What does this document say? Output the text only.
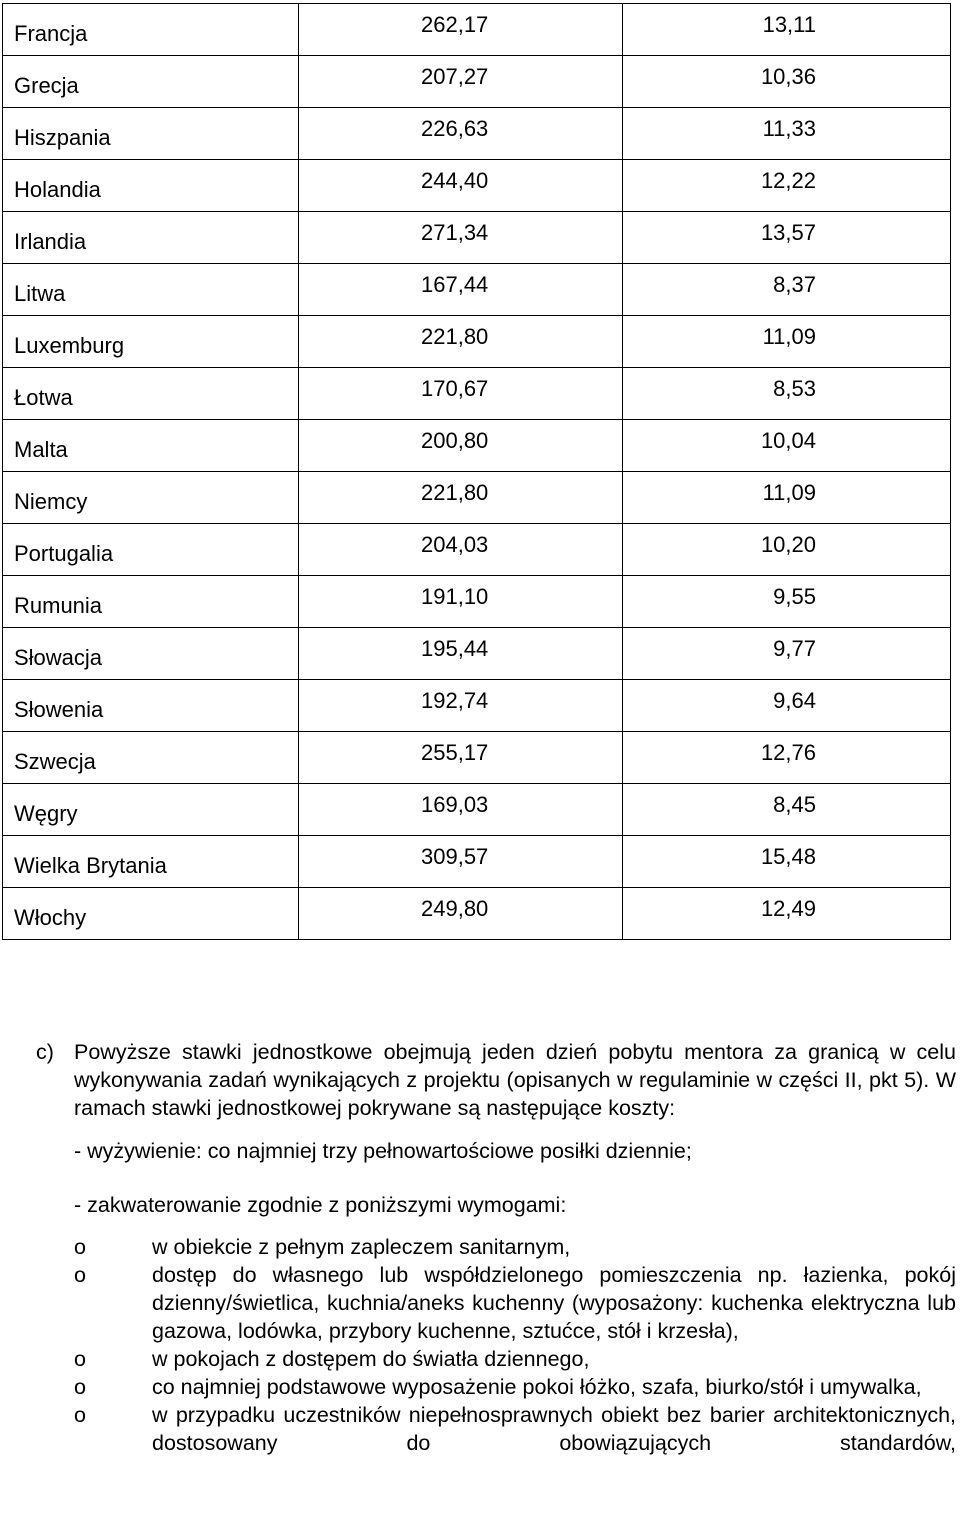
Francja	262,17	13,11
Grecja	207,27	10,36
Hiszpania	226,63	11,33
Holandia	244,40	12,22
Irlandia	271,34	13,57
Litwa	167,44	8,37
Luxemburg	221,80	11,09
Łotwa	170,67	8,53
Malta	200,80	10,04
Niemcy	221,80	11,09
Portugalia	204,03	10,20
Rumunia	191,10	9,55
Słowacja	195,44	9,77
Słowenia	192,74	9,64
Szwecja	255,17	12,76
Węgry	169,03	8,45
Wielka Brytania	309,57	15,48
Włochy	249,80	12,49
c) Powyższe stawki jednostkowe obejmują jeden dzień pobytu mentora za granicą w celu wykonywania zadań wynikających z projektu (opisanych w regulaminie w części II, pkt 5). W ramach stawki jednostkowej pokrywane są następujące koszty:
- wyżywienie: co najmniej trzy pełnowartościowe posiłki dziennie;
- zakwaterowanie zgodnie z poniższymi wymogami:
o	w obiekcie z pełnym zapleczem sanitarnym,
o	dostęp do własnego lub współdzielonego pomieszczenia np. łazienka, pokój dzienny/świetlica, kuchnia/aneks kuchenny (wyposażony: kuchenka elektryczna lub gazowa, lodówka, przybory kuchenne, sztućce, stół i krzesła),
o	w pokojach z dostępem do światła dziennego,
o	co najmniej podstawowe wyposażenie pokoi łóżko, szafa, biurko/stół i umywalka,
o	w przypadku uczestników niepełnosprawnych obiekt bez barier architektonicznych, dostosowany do obowiązujących standardów,
